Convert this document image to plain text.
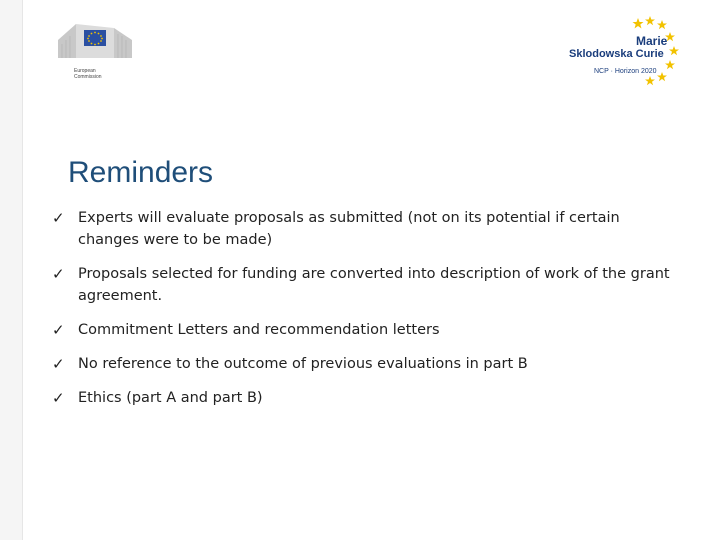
European
Commission
Marie
Sklodowska Curie
NCP · Horizon 2020
Reminders
✓ Experts will evaluate proposals as submitted (not on its potential if certain changes were to be made)
✓ Proposals selected for funding are converted into description of work of the grant agreement.
✓ Commitment Letters and recommendation letters
✓ No reference to the outcome of previous evaluations in part B
✓ Ethics (part A and part B)
